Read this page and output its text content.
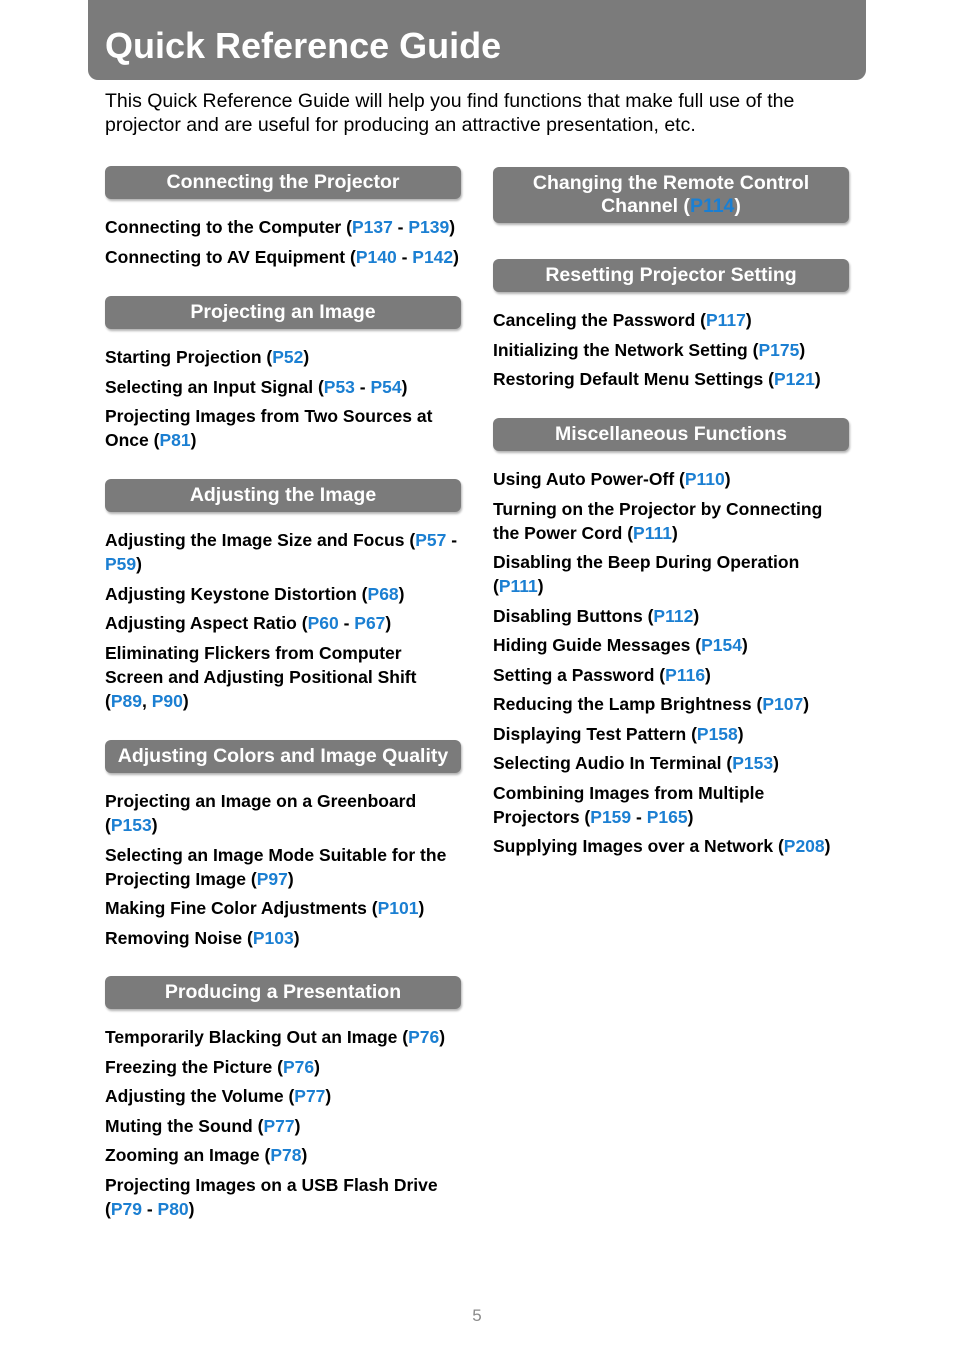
Quick Reference Guide

This Quick Reference Guide will help you find functions that make full use of the projector and are useful for producing an attractive presentation, etc.

Connecting the Projector
Connecting to the Computer (P137 - P139)
Connecting to AV Equipment (P140 - P142)
Projecting an Image
Starting Projection (P52)
Selecting an Input Signal (P53 - P54)
Projecting Images from Two Sources at Once (P81)
Adjusting the Image
Adjusting the Image Size and Focus (P57 - P59)
Adjusting Keystone Distortion (P68)
Adjusting Aspect Ratio (P60 - P67)
Eliminating Flickers from Computer Screen and Adjusting Positional Shift (P89, P90)
Adjusting Colors and Image Quality
Projecting an Image on a Greenboard (P153)
Selecting an Image Mode Suitable for the Projecting Image (P97)
Making Fine Color Adjustments (P101)
Removing Noise (P103)
Producing a Presentation
Temporarily Blacking Out an Image (P76)
Freezing the Picture (P76)
Adjusting the Volume (P77)
Muting the Sound (P77)
Zooming an Image (P78)
Projecting Images on a USB Flash Drive (P79 - P80)
Changing the Remote Control Channel (P114)
Resetting Projector Setting
Canceling the Password (P117)
Initializing the Network Setting (P175)
Restoring Default Menu Settings (P121)
Miscellaneous Functions
Using Auto Power-Off (P110)
Turning on the Projector by Connecting the Power Cord (P111)
Disabling the Beep During Operation (P111)
Disabling Buttons (P112)
Hiding Guide Messages (P154)
Setting a Password (P116)
Reducing the Lamp Brightness (P107)
Displaying Test Pattern (P158)
Selecting Audio In Terminal (P153)
Combining Images from Multiple Projectors (P159 - P165)
Supplying Images over a Network (P208)
5
